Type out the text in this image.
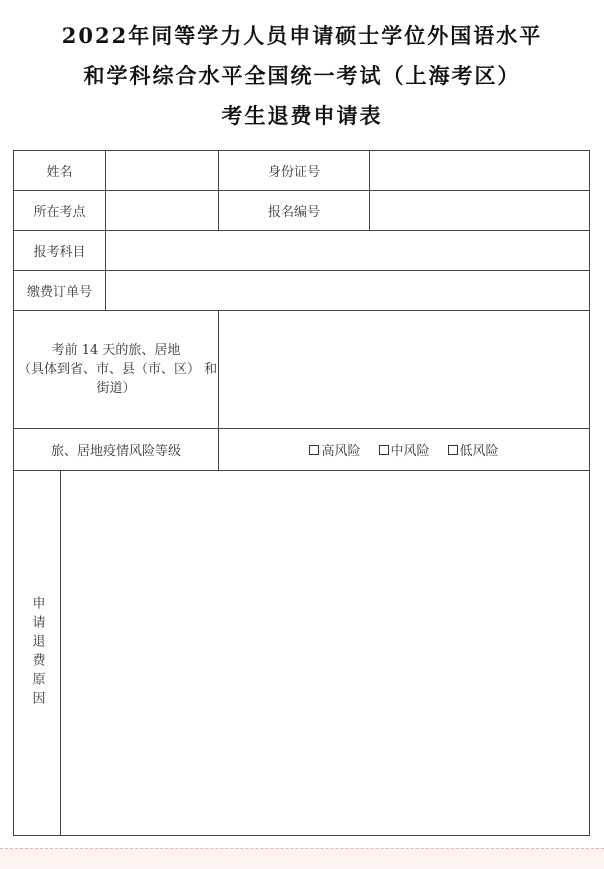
2022年同等学力人员申请硕士学位外国语水平
和学科综合水平全国统一考试（上海考区）
考生退费申请表
姓名			身份证号	
所在考点			报名编号	
报考科目				
缴费订单号				

考前 14 天的旅、居地
（具体到省、市、县（市、区） 和
街道）				

旅、居地疫情风险等级			高风险 中风险 低风险	

申请退费原因				
